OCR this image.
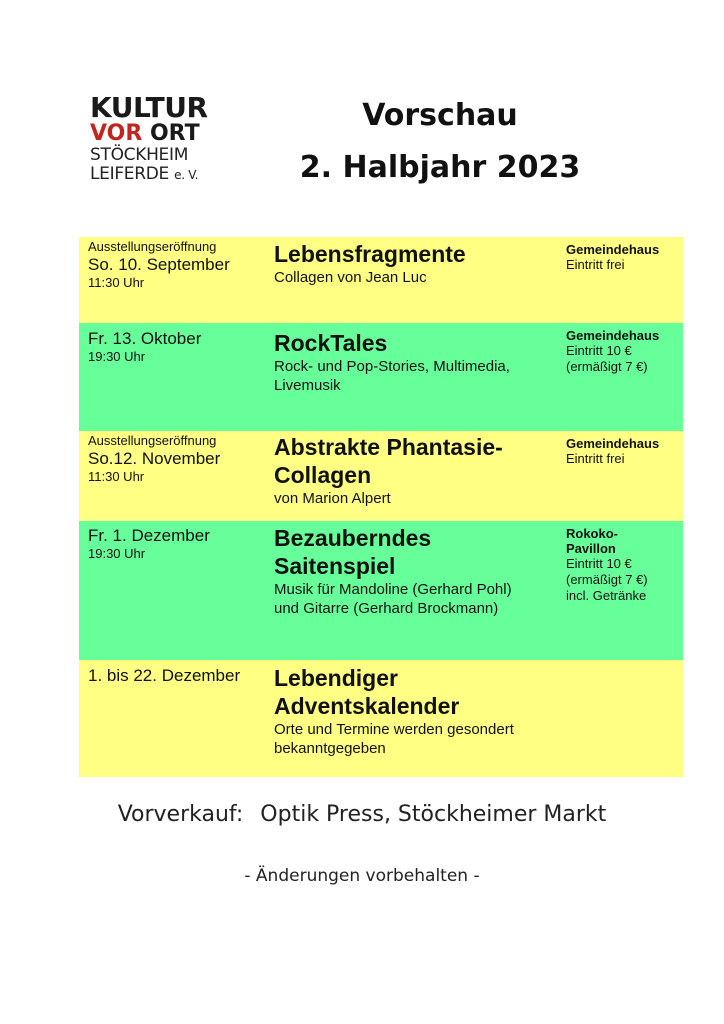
KULTUR
VOR ORT
STÖCKHEIM
LEIFERDE e. V.
Vorschau
2. Halbjahr 2023
Ausstellungseröffnung
So. 10. September
11:30 Uhr
Lebensfragmente
Collagen von Jean Luc
Gemeindehaus
Eintritt frei
Fr. 13. Oktober
19:30 Uhr
RockTales
Rock- und Pop-Stories, Multimedia,
Livemusik
Gemeindehaus
Eintritt 10 €
(ermäßigt 7 €)
Ausstellungseröffnung
So.12. November
11:30 Uhr
Abstrakte Phantasie-
Collagen
von Marion Alpert
Gemeindehaus
Eintritt frei
Fr. 1. Dezember
19:30 Uhr
Bezauberndes
Saitenspiel
Musik für Mandoline (Gerhard Pohl)
und Gitarre (Gerhard Brockmann)
Rokoko-
Pavillon
Eintritt 10 €
(ermäßigt 7 €)
incl. Getränke
1. bis 22. Dezember	Lebendiger
Adventskalender
Orte und Termine werden gesondert
bekanntgegeben
Vorverkauf: Optik Press, Stöckheimer Markt
- Änderungen vorbehalten -
